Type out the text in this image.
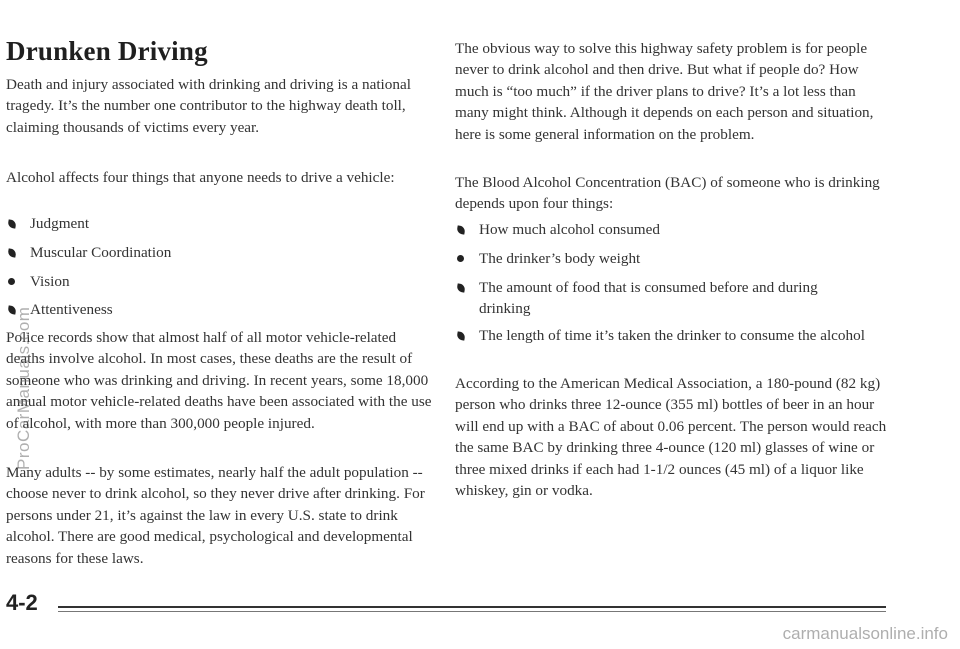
Drunken Driving

Death and injury associated with drinking and driving is a national tragedy. It’s the number one contributor to the highway death toll, claiming thousands of victims every year.

Alcohol affects four things that anyone needs to drive a vehicle:

Judgment
Muscular Coordination
Vision
Attentiveness

Police records show that almost half of all motor vehicle-related deaths involve alcohol. In most cases, these deaths are the result of someone who was drinking and driving. In recent years, some 18,000 annual motor vehicle-related deaths have been associated with the use of alcohol, with more than 300,000 people injured.

Many adults -- by some estimates, nearly half the adult population -- choose never to drink alcohol, so they never drive after drinking. For persons under 21, it’s against the law in every U.S. state to drink alcohol. There are good medical, psychological and developmental reasons for these laws.

The obvious way to solve this highway safety problem is for people never to drink alcohol and then drive. But what if people do? How much is “too much” if the driver plans to drive? It’s a lot less than many might think. Although it depends on each person and situation, here is some general information on the problem.

The Blood Alcohol Concentration (BAC) of someone who is drinking depends upon four things:

How much alcohol consumed
The drinker’s body weight
The amount of food that is consumed before and during drinking
The length of time it’s taken the drinker to consume the alcohol

According to the American Medical Association, a 180-pound (82 kg) person who drinks three 12-ounce (355 ml) bottles of beer in an hour will end up with a BAC of about 0.06 percent. The person would reach the same BAC by drinking three 4-ounce (120 ml) glasses of wine or three mixed drinks if each had 1-1/2 ounces (45 ml) of a liquor like whiskey, gin or vodka.

4-2
ProCarManuals.com
carmanualsonline.info
